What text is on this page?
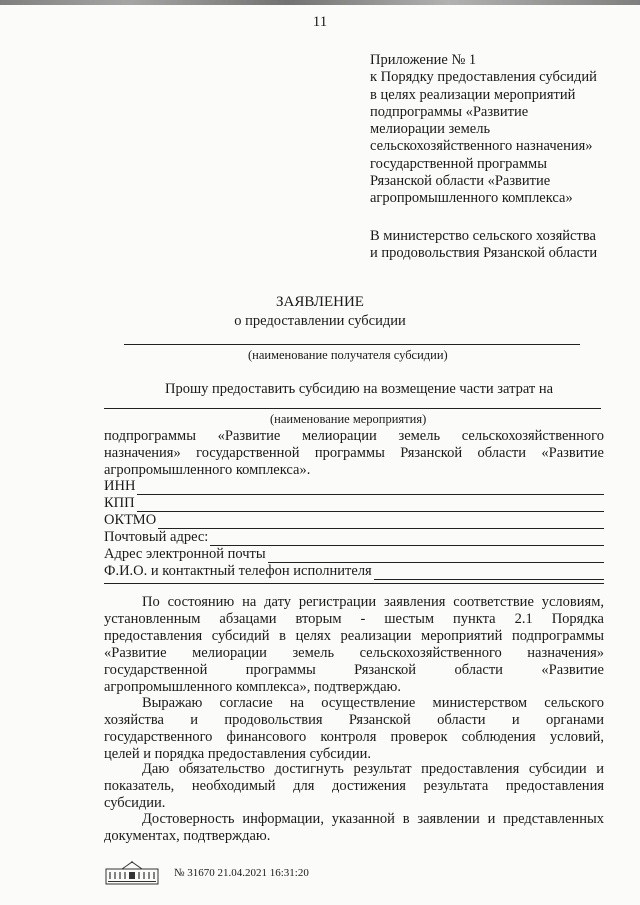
11
Приложение № 1
к Порядку предоставления субсидий
в целях реализации мероприятий
подпрограммы «Развитие
мелиорации земель
сельскохозяйственного назначения»
государственной программы
Рязанской области «Развитие
агропромышленного комплекса»
В министерство сельского хозяйства
и продовольствия Рязанской области
ЗАЯВЛЕНИЕ
о предоставлении субсидии
(наименование получателя субсидии)
Прошу предоставить субсидию на возмещение части затрат на
(наименование мероприятия)
подпрограммы «Развитие мелиорации земель сельскохозяйственного
назначения» государственной программы Рязанской области «Развитие
агропромышленного комплекса».
ИНН
КПП
ОКТМО
Почтовый адрес:
Адрес электронной почты
Ф.И.О. и контактный телефон исполнителя
По состоянию на дату регистрации заявления соответствие условиям,
установленным абзацами вторым - шестым пункта 2.1 Порядка
предоставления субсидий в целях реализации мероприятий подпрограммы
«Развитие мелиорации земель сельскохозяйственного назначения»
государственной программы Рязанской области «Развитие
агропромышленного комплекса», подтверждаю.
Выражаю согласие на осуществление министерством сельского
хозяйства и продовольствия Рязанской области и органами
государственного финансового контроля проверок соблюдения условий,
целей и порядка предоставления субсидии.
Даю обязательство достигнуть результат предоставления субсидии и
показатель, необходимый для достижения результата предоставления
субсидии.
Достоверность информации, указанной в заявлении и представленных
документах, подтверждаю.
№ 31670 21.04.2021 16:31:20
